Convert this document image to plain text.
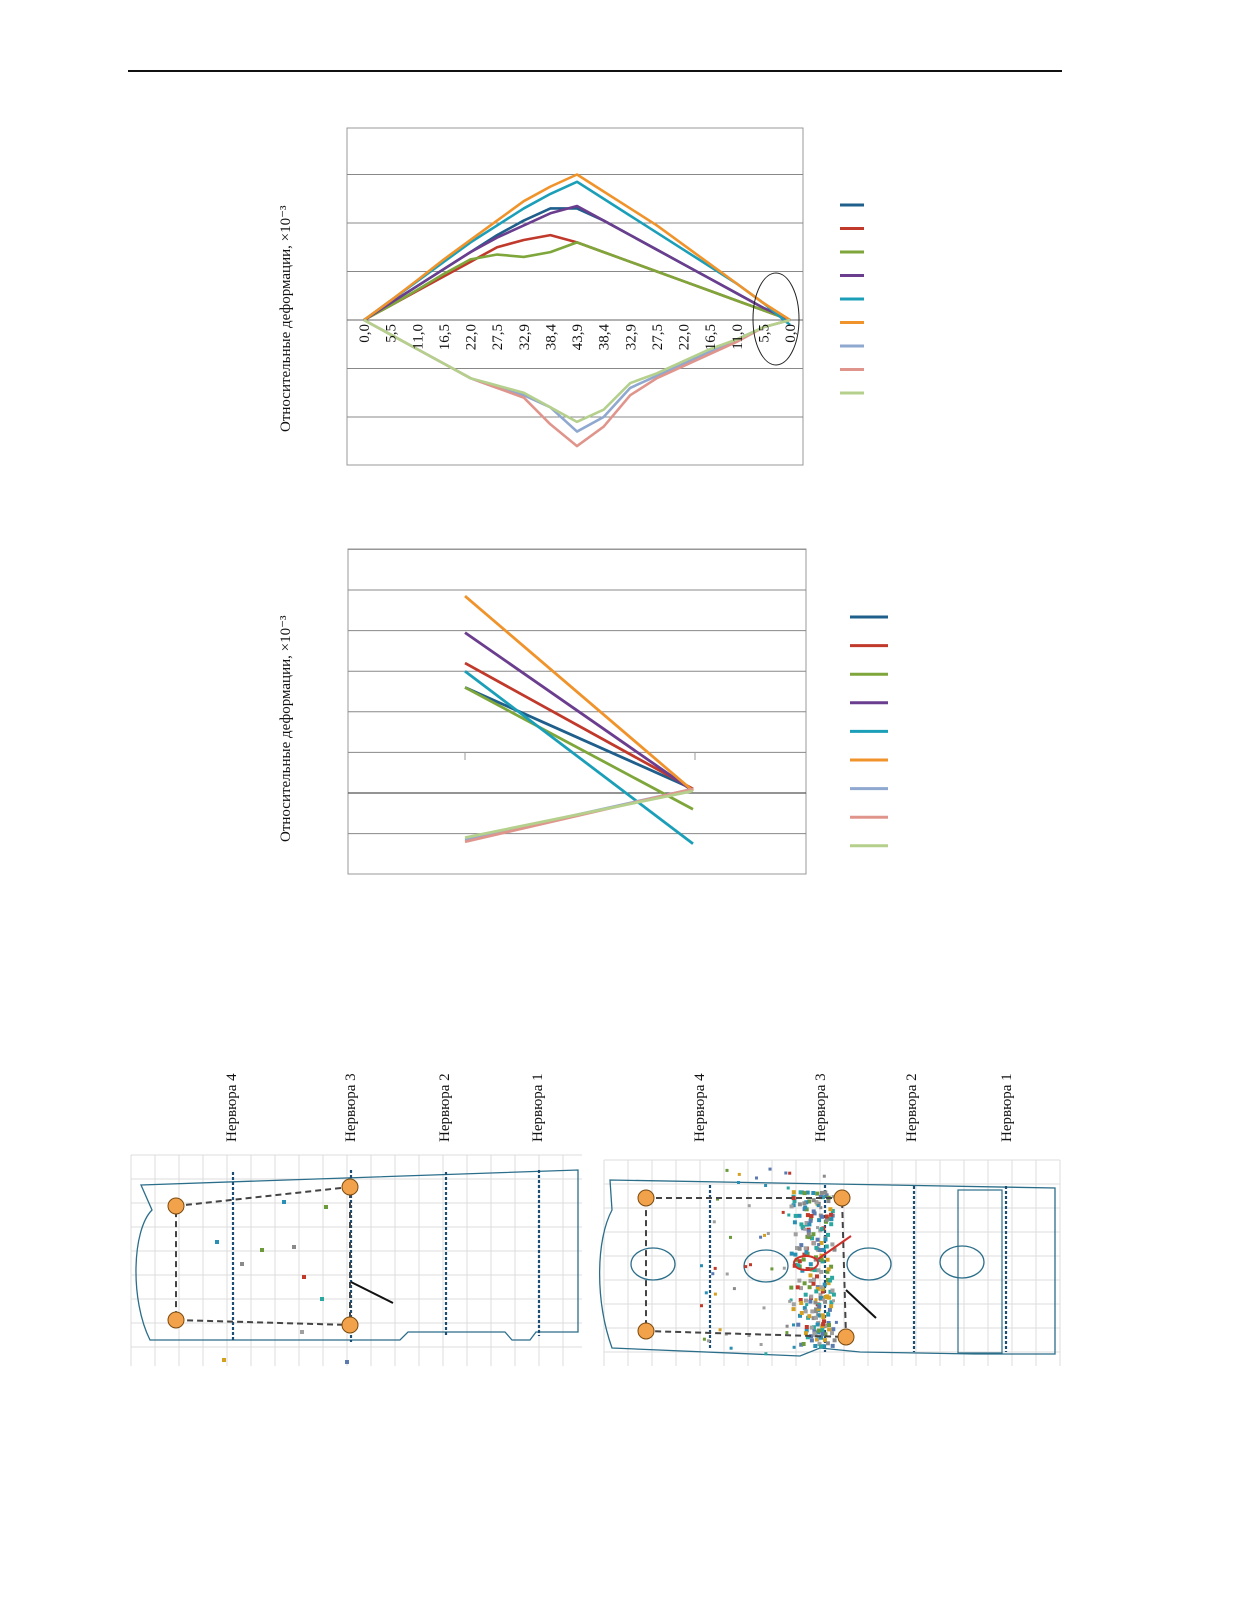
Относительные деформации, ×10⁻³
Относительные деформации, ×10⁻³
Нервюра 4	Нервюра 3	Нервюра 2	Нервюра 1	Нервюра 4	Нервюра 3	Нервюра 2	Нервюра 1
0,0 5,5 11,0 16,5 22,0 27,5 32,9 38,4 43,9 38,4 32,9 27,5 22,0 16,5 11,0 5,5 0,0
